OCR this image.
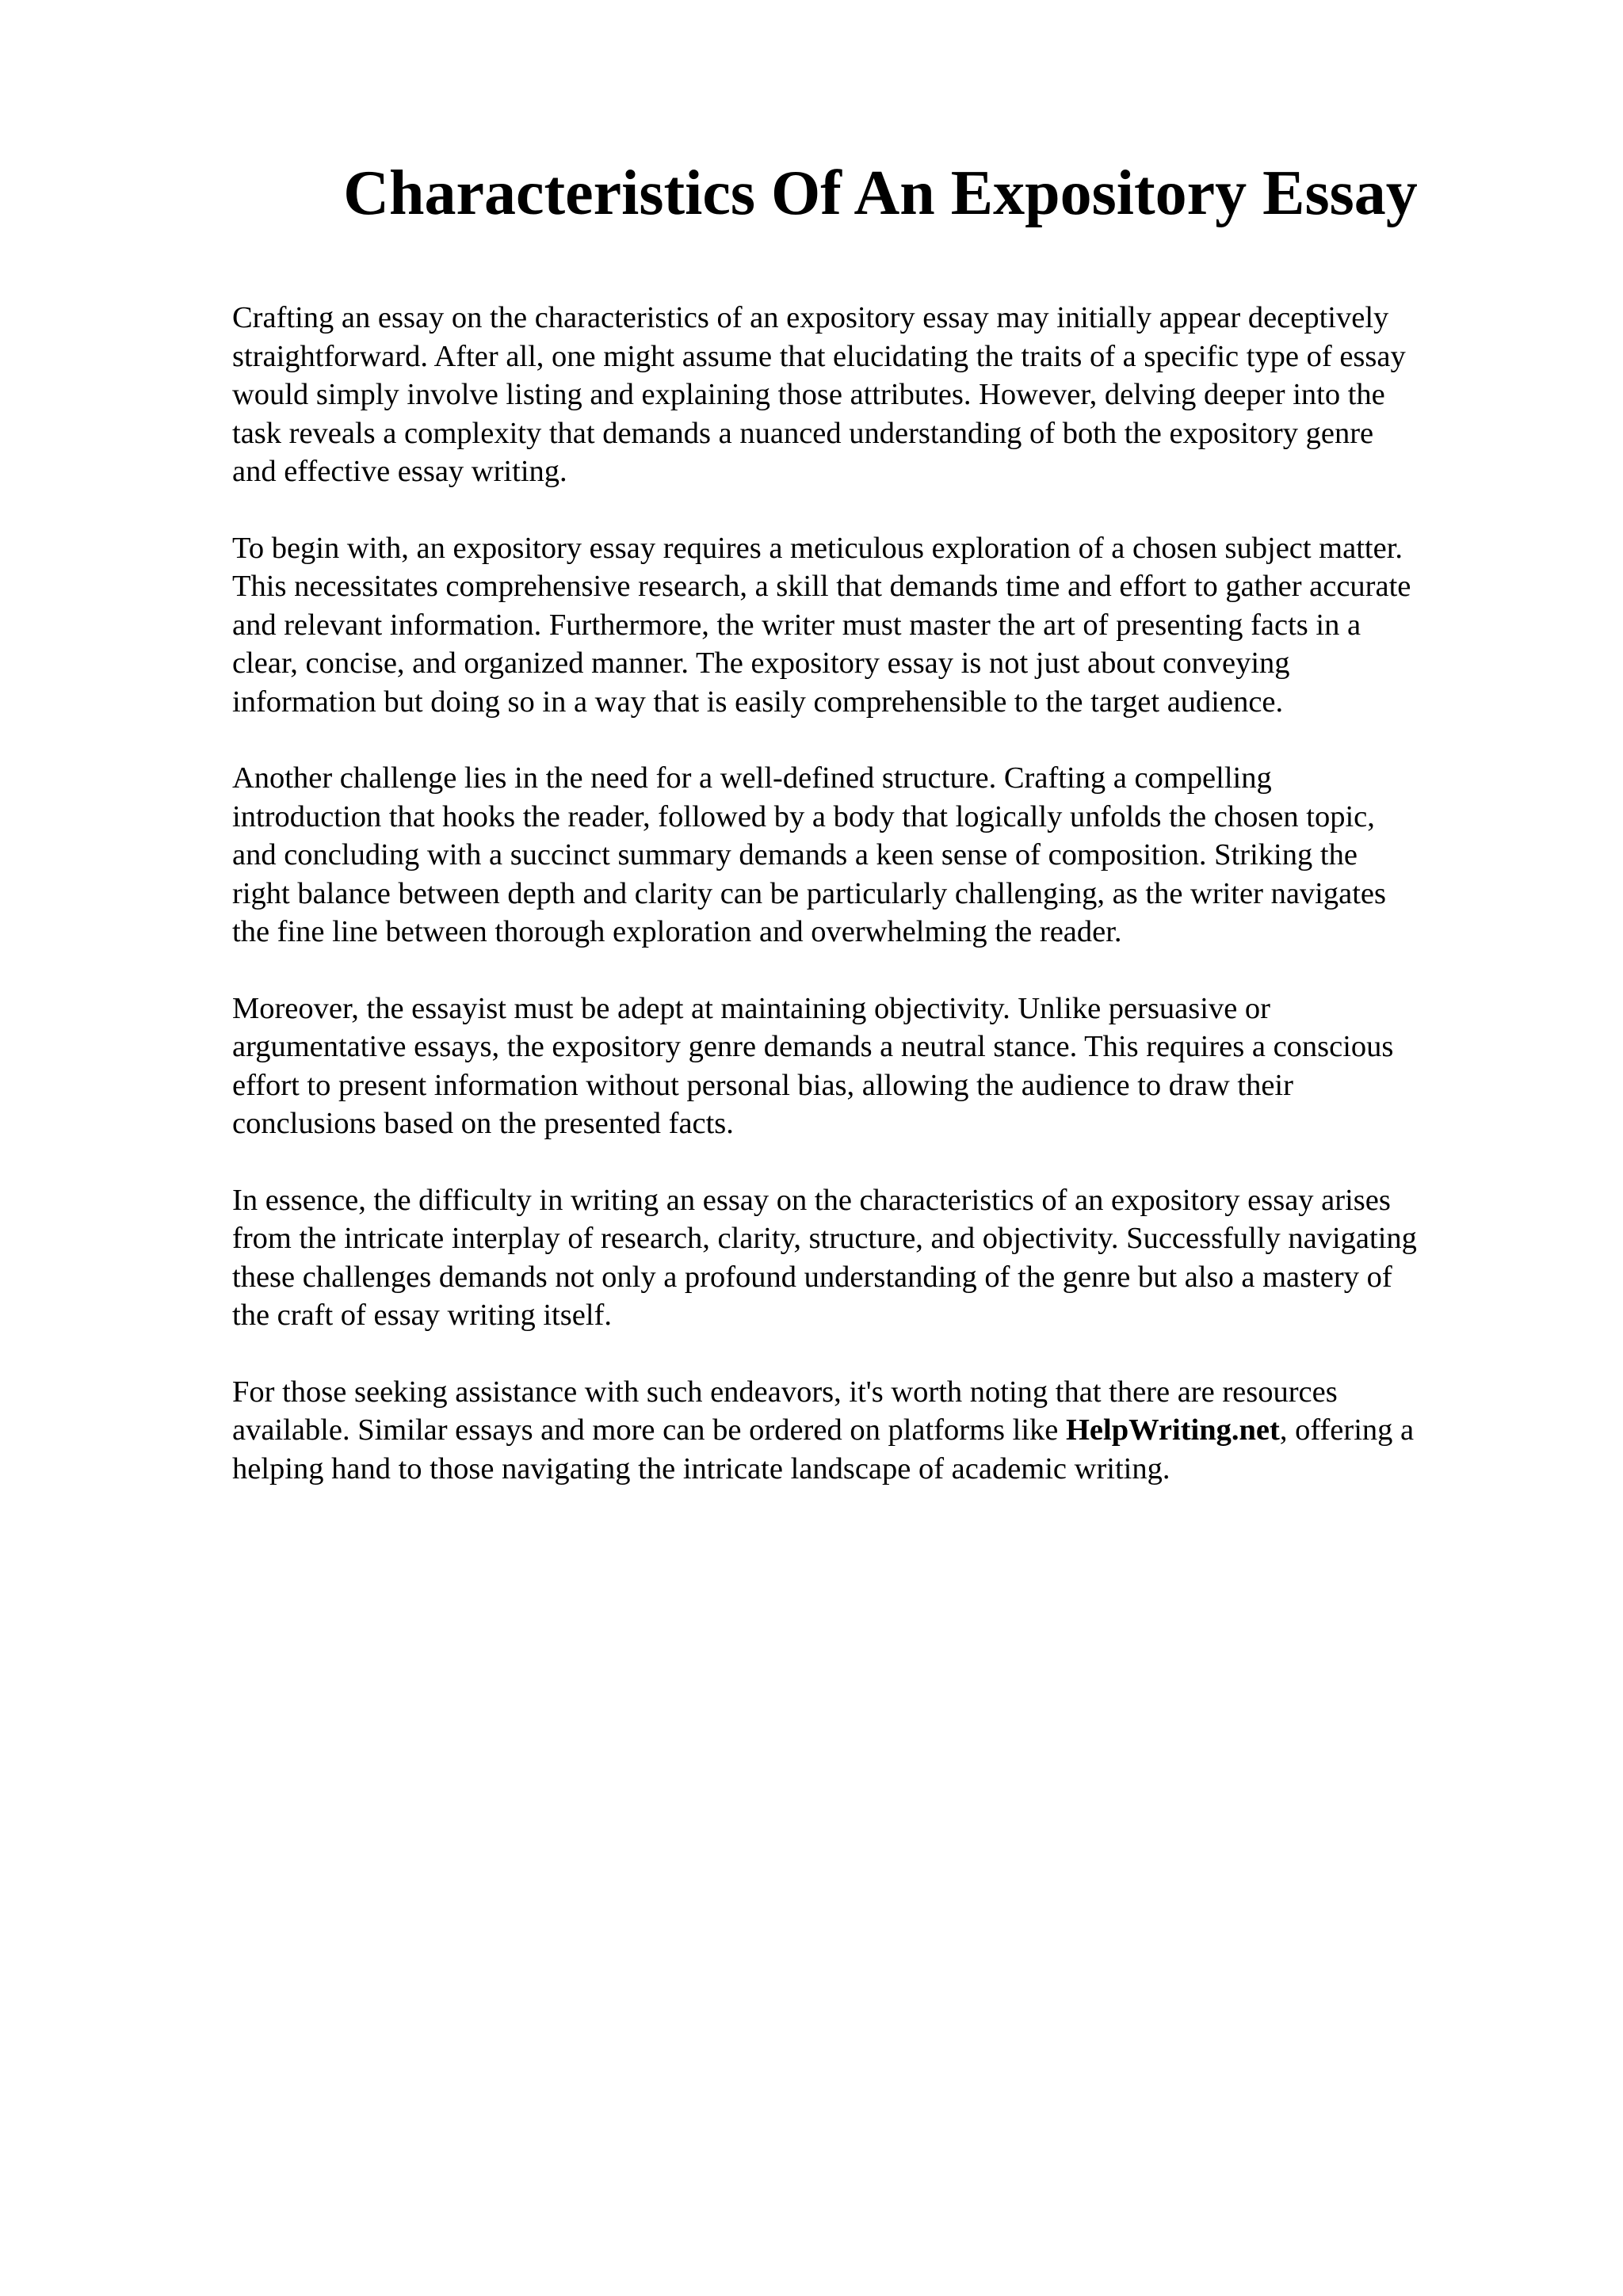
Characteristics Of An Expository Essay

Crafting an essay on the characteristics of an expository essay may initially appear deceptively
straightforward. After all, one might assume that elucidating the traits of a specific type of essay
would simply involve listing and explaining those attributes. However, delving deeper into the
task reveals a complexity that demands a nuanced understanding of both the expository genre
and effective essay writing.

To begin with, an expository essay requires a meticulous exploration of a chosen subject matter.
This necessitates comprehensive research, a skill that demands time and effort to gather accurate
and relevant information. Furthermore, the writer must master the art of presenting facts in a
clear, concise, and organized manner. The expository essay is not just about conveying
information but doing so in a way that is easily comprehensible to the target audience.

Another challenge lies in the need for a well-defined structure. Crafting a compelling
introduction that hooks the reader, followed by a body that logically unfolds the chosen topic,
and concluding with a succinct summary demands a keen sense of composition. Striking the
right balance between depth and clarity can be particularly challenging, as the writer navigates
the fine line between thorough exploration and overwhelming the reader.

Moreover, the essayist must be adept at maintaining objectivity. Unlike persuasive or
argumentative essays, the expository genre demands a neutral stance. This requires a conscious
effort to present information without personal bias, allowing the audience to draw their
conclusions based on the presented facts.

In essence, the difficulty in writing an essay on the characteristics of an expository essay arises
from the intricate interplay of research, clarity, structure, and objectivity. Successfully navigating
these challenges demands not only a profound understanding of the genre but also a mastery of
the craft of essay writing itself.

For those seeking assistance with such endeavors, it's worth noting that there are resources
available. Similar essays and more can be ordered on platforms like HelpWriting.net, offering a
helping hand to those navigating the intricate landscape of academic writing.
